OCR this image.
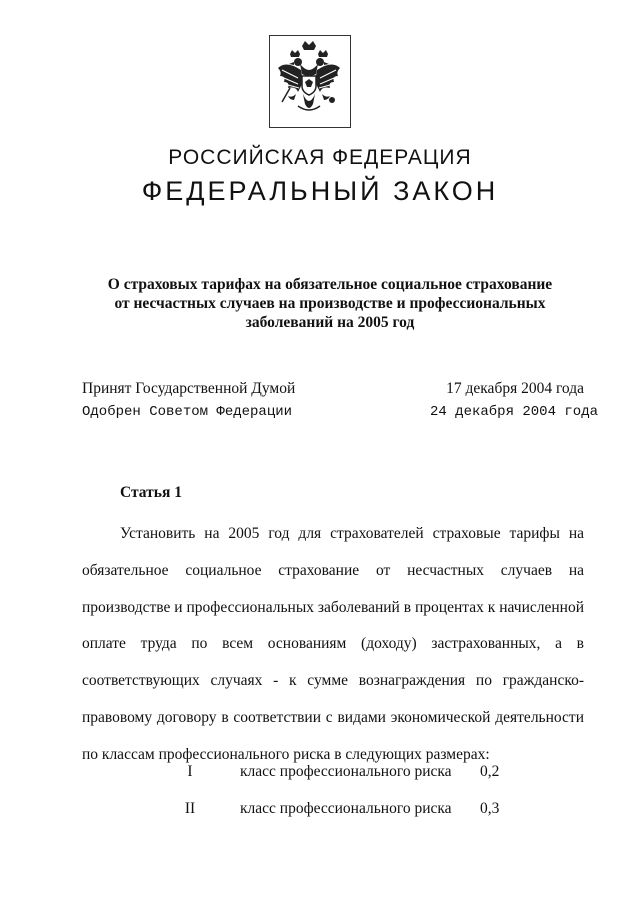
РОССИЙСКАЯ ФЕДЕРАЦИЯ
ФЕДЕРАЛЬНЫЙ ЗАКОН
О страховых тарифах на обязательное социальное страхование
от несчастных случаев на производстве и профессиональных
заболеваний на 2005 год
Принят Государственной Думой	17 декабря 2004 года
Одобрен Советом Федерации	24 декабря 2004 года
Статья 1

Установить на 2005 год для страхователей страховые тарифы на обязательное социальное страхование от несчастных случаев на производстве и профессиональных заболеваний в процентах к начисленной оплате труда по всем основаниям (доходу) застрахованных, а в соответствующих случаях - к сумме вознаграждения по гражданско-правовому договору в соответствии с видами экономической деятельности по классам профессионального риска в следующих размерах:

I	класс профессионального риска 0,2
II	класс профессионального риска 0,3
